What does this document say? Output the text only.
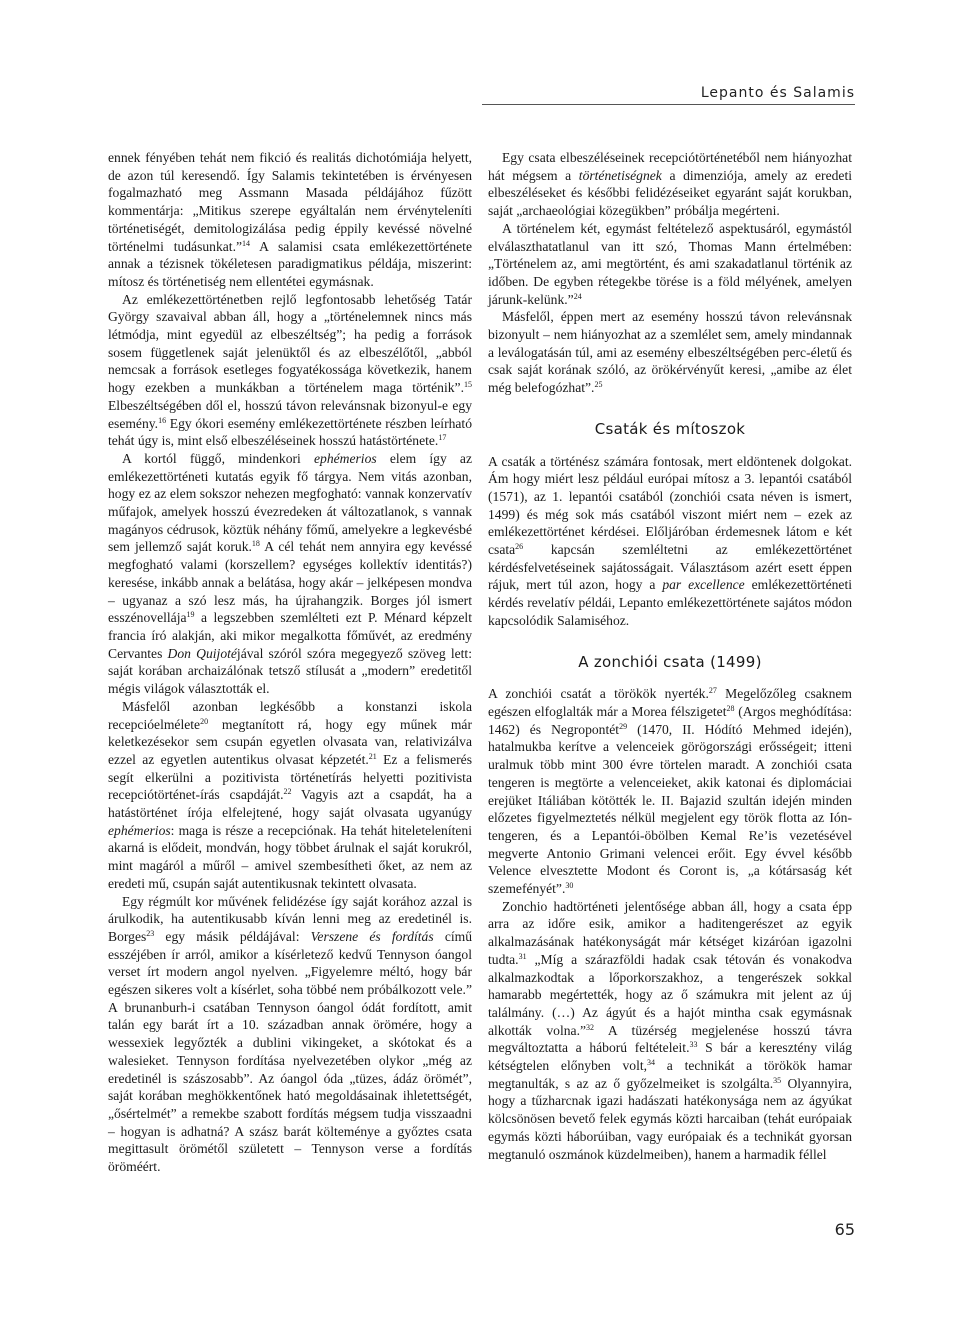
Lepanto és Salamis

ennek fényében tehát nem fikció és realitás dichotómiája helyett, de azon túl keresendő. Így Salamis tekintetében is érvényesen fogalmazható meg Assmann Masada példájához fűzött kommentárja: „Mitikus szerepe egyáltalán nem érvényteleníti történetiségét, demitologizálása pedig éppily kevéssé növelné történelmi tudásunkat.”$^{14}$ A salamisi csata emlékezettörténete annak a tézisnek tökéletesen paradigmatikus példája, miszerint: mítosz és történetiség nem ellentétei egymásnak.

Az emlékezettörténetben rejlő legfontosabb lehetőség Tatár György szavaival abban áll, hogy a „történelemnek nincs más létmódja, mint egyedül az elbeszéltség”; ha pedig a források sosem függetlenek saját jelenüktől és az elbeszélőtől, „abból nemcsak a források esetleges fogyatékossága következik, hanem hogy ezekben a munkákban a történelem maga történik”.$^{15}$ Elbeszéltségében dől el, hosszú távon relevánsnak bizonyul-e egy esemény.$^{16}$ Egy ókori esemény emlékezettörténete részben leírható tehát úgy is, mint első elbeszéléseinek hosszú hatástörténete.$^{17}$

A kortól függő, mindenkori ephémerios elem így az emlékezettörténeti kutatás egyik fő tárgya. Nem vitás azonban, hogy ez az elem sokszor nehezen megfogható: vannak konzervatív műfajok, amelyek hosszú évezredeken át változatlanok, s vannak magányos cédrusok, köztük néhány főmű, amelyekre a legkevésbé sem jellemző saját koruk.$^{18}$ A cél tehát nem annyira egy kevéssé megfogható valami (korszellem? egységes kollektív identitás?) keresése, inkább annak a belátása, hogy akár – jelképesen mondva – ugyanaz a szó lesz más, ha újrahangzik. Borges jól ismert esszénovellája$^{19}$ a legszebben szemlélteti ezt P. Ménard képzelt francia író alakján, aki mikor megalkotta főművét, az eredmény Cervantes Don Quijotéjával szóról szóra megegyező szöveg lett: saját korában archaizálónak tetsző stílusát a „modern” eredetitől mégis világok választották el.

Másfelől azonban legkésőbb a konstanzi iskola recepcióelmélete$^{20}$ megtanított rá, hogy egy műnek már keletkezésekor sem csupán egyetlen olvasata van, relativizálva ezzel az egyetlen autentikus olvasat képzetét.$^{21}$ Ez a felismerés segít elkerülni a pozitivista történetírás helyetti pozitivista recepciótörténet-írás csapdáját.$^{22}$ Vagyis azt a csapdát, ha a hatástörténet írója elfelejtené, hogy saját olvasata ugyanúgy ephémerios: maga is része a recepciónak. Ha tehát hiteleteleníteni akarná is elődeit, mondván, hogy többet árulnak el saját korukról, mint magáról a műről – amivel szembesítheti őket, az nem az eredeti mű, csupán saját autentikusnak tekintett olvasata.

Egy régmúlt kor művének felidézése így saját korához azzal is árulkodik, ha autentikusabb kíván lenni meg az eredetinél is. Borges$^{23}$ egy másik példájával: Verszene és fordítás című esszéjében ír arról, amikor a kísérletező kedvű Tennyson óangol verset írt modern angol nyelven. „Figyelemre méltó, hogy bár egészen sikeres volt a kísérlet, soha többé nem próbálkozott vele.” A brunanburh-i csatában Tennyson óangol ódát fordított, amit talán egy barát írt a 10. században annak örömére, hogy a wessexiek legyőzték a dublini vikingeket, a skótokat és a walesieket. Tennyson fordítása nyelvezetében olykor „még az eredetinél is szászosabb”. Az óangol óda „tüzes, ádáz örömét”, saját korában meghökkentőnek ható megoldásainak ihletettségét, „ősértelmét” a remekbe szabott fordítás mégsem tudja visszaadni – hogyan is adhatná? A szász barát költeménye a győztes csata megittasult örömétől született – Tennyson verse a fordítás öröméért.

Egy csata elbeszéléseinek recepciótörténetéből nem hiányozhat hát mégsem a történetiségnek a dimenziója, amely az eredeti elbeszéléseket és későbbi felidézéseiket egyaránt saját korukban, saját „archaeológiai közegükben” próbálja megérteni.

A történelem két, egymást feltételező aspektusáról, egymástól elválaszthatatlanul van itt szó, Thomas Mann értelmében: „Történelem az, ami megtörtént, és ami szakadatlanul történik az időben. De egyben rétegekbe törése is a föld mélyének, amelyen járunk-kelünk.”$^{24}$

Másfelől, éppen mert az esemény hosszú távon relevánsnak bizonyult – nem hiányozhat az a szemlélet sem, amely mindannak a leválogatásán túl, ami az esemény elbeszéltségében perc-életű és csak saját korának szóló, az örökérvényűt keresi, „amibe az élet még belefogózhat”.$^{25}$

Csaták és mítoszok

A csaták a történész számára fontosak, mert eldöntenek dolgokat. Ám hogy miért lesz például európai mítosz a 3. lepantói csatából (1571), az 1. lepantói csatából (zonchiói csata néven is ismert, 1499) és még sok más csatából viszont miért nem – ezek az emlékezettörténet kérdései. Előljáróban érdemesnek látom e két csata$^{26}$ kapcsán szemléltetni az emlékezettörténet kérdésfelvetéseinek sajátosságait. Választásom azért esett éppen rájuk, mert túl azon, hogy a par excellence emlékezettörténeti kérdés revelatív példái, Lepanto emlékezettörténete sajátos módon kapcsolódik Salamiséhoz.

A zonchiói csata (1499)

A zonchiói csatát a törökök nyerték.$^{27}$ Megelőzőleg csaknem egészen elfoglalták már a Morea félszigetet$^{28}$ (Argos meghódítása: 1462) és Negropontét$^{29}$ (1470, II. Hódító Mehmed idején), hatalmukba kerítve a velenceiek görögországi erősségeit; itteni uralmuk több mint 300 évre törtelen maradt. A zonchiói csata tengeren is megtörte a velenceieket, akik katonai és diplomáciai erejüket Itáliában kötötték le. II. Bajazid szultán idején minden előzetes figyelmeztetés nélkül megjelent egy török flotta az Ión-tengeren, és a Lepantói-öbölben Kemal Re’is vezetésével megverte Antonio Grimani velencei erőit. Egy évvel később Velence elvesztette Modont és Coront is, „a kótársaság két szemefényét”.$^{30}$

Zonchio hadtörténeti jelentősége abban áll, hogy a csata épp arra az időre esik, amikor a haditengerészet az egyik alkalmazásának hatékonyságát már kétséget kizáróan igazolni tudta.$^{31}$ „Míg a szárazföldi hadak csak tétován és vonakodva alkalmazkodtak a lőporkorszakhoz, a tengerészek sokkal hamarabb megértették, hogy az ő számukra mit jelent az új találmány. (…) Az ágyút és a hajót mintha csak egymásnak alkották volna.”$^{32}$ A tüzérség megjelenése hosszú távra megváltoztatta a háború feltételeit.$^{33}$ S bár a keresztény világ kétségtelen előnyben volt,$^{34}$ a technikát a törökök hamar megtanulták, s az az ő győzelmeiket is szolgálta.$^{35}$ Olyannyira, hogy a tűzharcnak igazi hadászati hatékonysága nem az ágyúkat kölcsönösen bevető felek egymás közti harcaiban (tehát európaiak egymás közti háborúiban, vagy európaiak és a technikát gyorsan megtanuló oszmánok küzdelmeiben), hanem a harmadik féllel

65
